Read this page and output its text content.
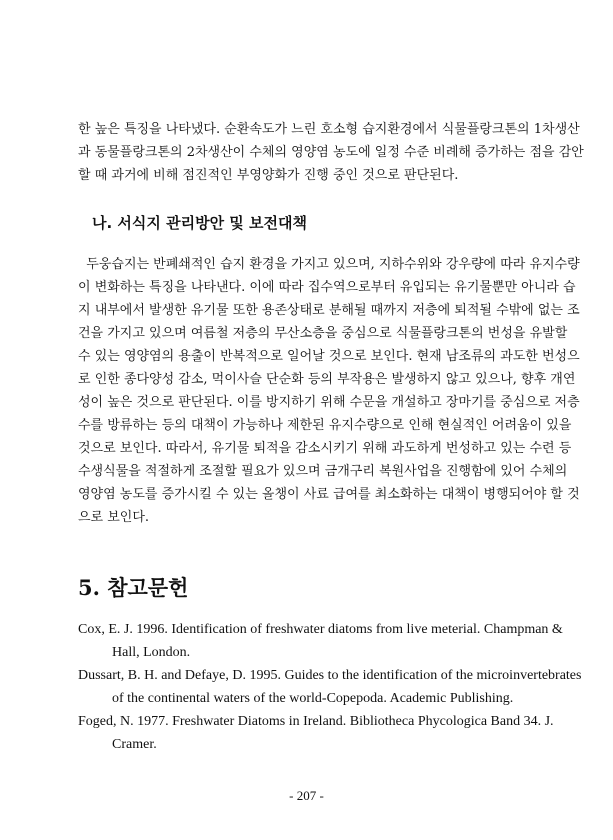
한 높은 특징을 나타냈다. 순환속도가 느린 호소형 습지환경에서 식물플랑크톤의 1차생산
과 동물플랑크톤의 2차생산이 수체의 영양염 농도에 일정 수준 비례해 증가하는 점을 감안
할 때 과거에 비해 점진적인 부영양화가 진행 중인 것으로 판단된다.
나. 서식지 관리방안 및 보전대책
두웅습지는 반폐쇄적인 습지 환경을 가지고 있으며, 지하수위와 강우량에 따라 유지수량
이 변화하는 특징을 나타낸다. 이에 따라 집수역으로부터 유입되는 유기물뿐만 아니라 습
지 내부에서 발생한 유기물 또한 용존상태로 분해될 때까지 저층에 퇴적될 수밖에 없는 조
건을 가지고 있으며 여름철 저층의 무산소층을 중심으로 식물플랑크톤의 번성을 유발할
수 있는 영양염의 용출이 반복적으로 일어날 것으로 보인다. 현재 남조류의 과도한 번성으
로 인한 종다양성 감소, 먹이사슬 단순화 등의 부작용은 발생하지 않고 있으나, 향후 개연
성이 높은 것으로 판단된다. 이를 방지하기 위해 수문을 개설하고 장마기를 중심으로 저층
수를 방류하는 등의 대책이 가능하나 제한된 유지수량으로 인해 현실적인 어려움이 있을
것으로 보인다. 따라서, 유기물 퇴적을 감소시키기 위해 과도하게 번성하고 있는 수련 등
수생식물을 적절하게 조절할 필요가 있으며 금개구리 복원사업을 진행함에 있어 수체의
영양염 농도를 증가시킬 수 있는 올챙이 사료 급여를 최소화하는 대책이 병행되어야 할 것
으로 보인다.
5. 참고문헌
Cox, E. J. 1996. Identification of freshwater diatoms from live meterial. Champman &
Hall, London.
Dussart, B. H. and Defaye, D. 1995. Guides to the identification of the microinvertebrates
of the continental waters of the world-Copepoda. Academic Publishing.
Foged, N. 1977. Freshwater Diatoms in Ireland. Bibliotheca Phycologica Band 34. J.
Cramer.
- 207 -
